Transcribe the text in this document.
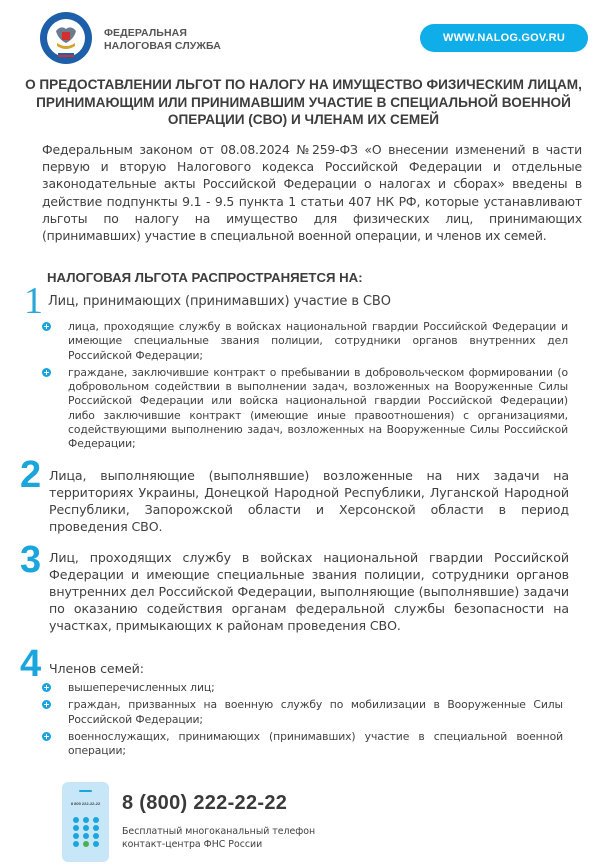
ФЕДЕРАЛЬНАЯ
НАЛОГОВАЯ СЛУЖБА
WWW.NALOG.GOV.RU
О ПРЕДОСТАВЛЕНИИ ЛЬГОТ ПО НАЛОГУ НА ИМУЩЕСТВО ФИЗИЧЕСКИМ ЛИЦАМ, ПРИНИМАЮЩИМ ИЛИ ПРИНИМАВШИМ УЧАСТИЕ В СПЕЦИАЛЬНОЙ ВОЕННОЙ ОПЕРАЦИИ (СВО) И ЧЛЕНАМ ИХ СЕМЕЙ
Федеральным законом от 08.08.2024 №259-ФЗ «О внесении изменений в части первую и вторую Налогового кодекса Российской Федерации и отдельные законодательные акты Российской Федерации о налогах и сборах» введены в действие подпункты 9.1 - 9.5 пункта 1 статьи 407 НК РФ, которые устанавливают льготы по налогу на имущество для физических лиц, принимающих (принимавших) участие в специальной военной операции, и членов их семей.
НАЛОГОВАЯ ЛЬГОТА РАСПРОСТРАНЯЕТСЯ НА:
1 Лиц, принимающих (принимавших) участие в СВО
лица, проходящие службу в войсках национальной гвардии Российской Федерации и имеющие специальные звания полиции, сотрудники органов внутренних дел Российской Федерации;
граждане, заключившие контракт о пребывании в добровольческом формировании (о добровольном содействии в выполнении задач, возложенных на Вооруженные Силы Российской Федерации или войска национальной гвардии Российской Федерации) либо заключившие контракт (имеющие иные правоотношения) с организациями, содействующими выполнению задач, возложенных на Вооруженные Силы Российской Федерации;
2 Лица, выполняющие (выполнявшие) возложенные на них задачи на территориях Украины, Донецкой Народной Республики, Луганской Народной Республики, Запорожской области и Херсонской области в период проведения СВО.
3 Лиц, проходящих службу в войсках национальной гвардии Российской Федерации и имеющие специальные звания полиции, сотрудники органов внутренних дел Российской Федерации, выполняющие (выполнявшие) задачи по оказанию содействия органам федеральной службы безопасности на участках, примыкающих к районам проведения СВО.
4 Членов семей:
вышеперечисленных лиц;
граждан, призванных на военную службу по мобилизации в Вооруженные Силы Российской Федерации;
военнослужащих, принимающих (принимавших) участие в специальной военной операции;
8 800 222-22-22	8 (800) 222-22-22
Бесплатный многоканальный телефон
контакт-центра ФНС России
